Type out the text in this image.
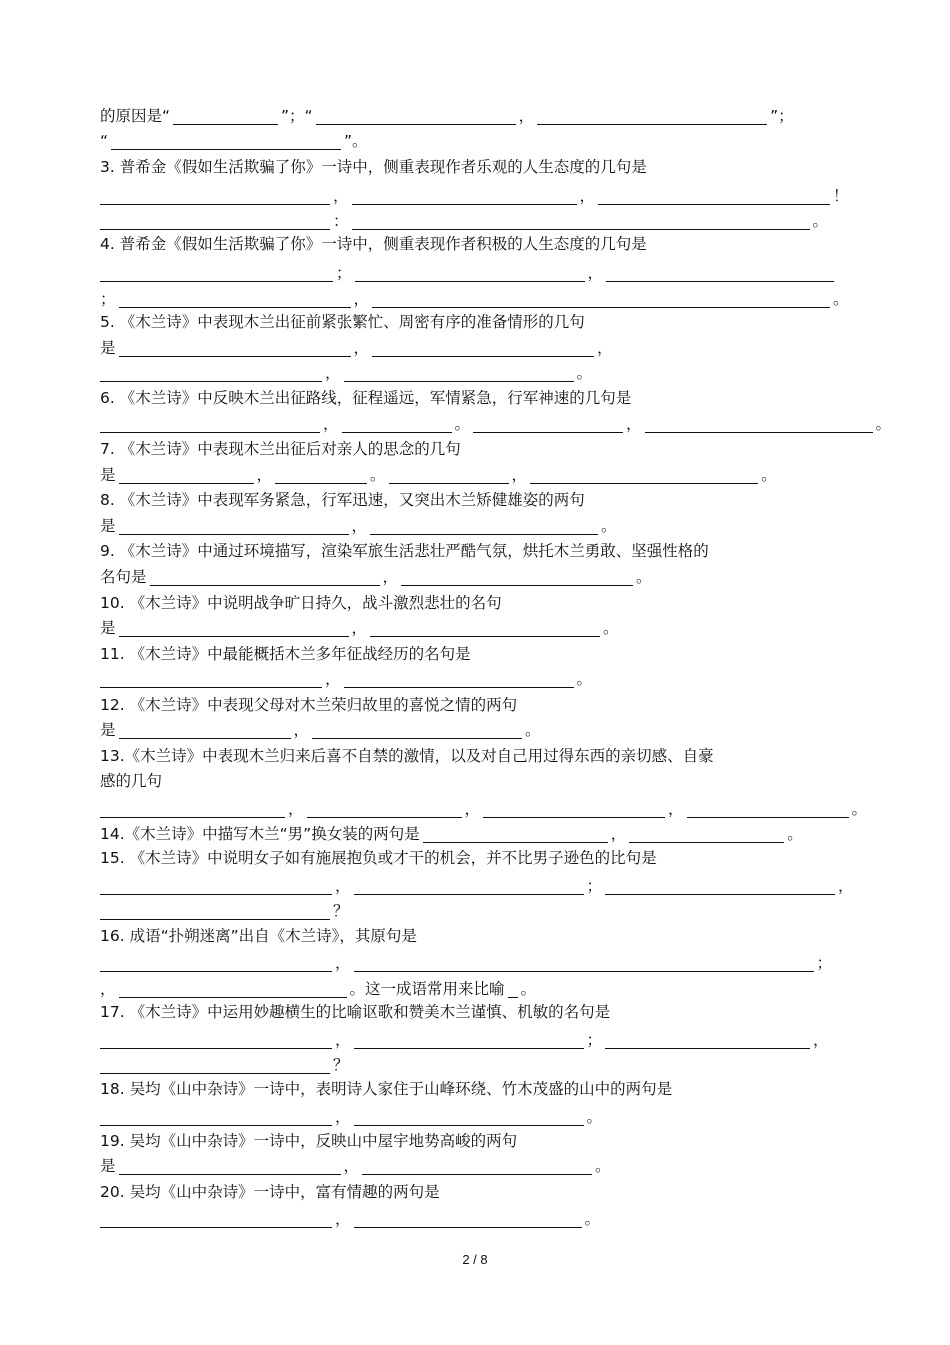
的原因是“	”；“	，	”；
“	”。
3. 普希金《假如生活欺骗了你》一诗中，侧重表现作者乐观的人生态度的几句是
，	，	！
：	。
4. 普希金《假如生活欺骗了你》一诗中，侧重表现作者积极的人生态度的几句是
；	，
；	，	。
5. 《木兰诗》中表现木兰出征前紧张繁忙、周密有序的准备情形的几句
是	，	，
，	。
6. 《木兰诗》中反映木兰出征路线，征程遥远，军情紧急，行军神速的几句是
，	。	，	。
7. 《木兰诗》中表现木兰出征后对亲人的思念的几句
是	，	。	，	。
8. 《木兰诗》中表现军务紧急，行军迅速，又突出木兰矫健雄姿的两句
是	，	。
9. 《木兰诗》中通过环境描写，渲染军旅生活悲壮严酷气氛，烘托木兰勇敢、坚强性格的
名句是	，	。
10. 《木兰诗》中说明战争旷日持久，战斗激烈悲壮的名句
是	，	。
11. 《木兰诗》中最能概括木兰多年征战经历的名句是
，	。
12. 《木兰诗》中表现父母对木兰荣归故里的喜悦之情的两句
是	，	。
13.《木兰诗》中表现木兰归来后喜不自禁的激情，以及对自己用过得东西的亲切感、自豪
感的几句
，	，	，	。
14.《木兰诗》中描写木兰“男”换女装的两句是	，	。
15. 《木兰诗》中说明女子如有施展抱负或才干的机会，并不比男子逊色的比句是
，	；	，
？
16. 成语“扑朔迷离”出自《木兰诗》，其原句是
，	；
，	。这一成语常用来比喻 。
17. 《木兰诗》中运用妙趣横生的比喻讴歌和赞美木兰谨慎、机敏的名句是
，	；	，
？
18. 吴均《山中杂诗》一诗中，表明诗人家住于山峰环绕、竹木茂盛的山中的两句是
，	。
19. 吴均《山中杂诗》一诗中，反映山中屋宇地势高峻的两句
是	，	。
20. 吴均《山中杂诗》一诗中，富有情趣的两句是
，	。
2 / 8
